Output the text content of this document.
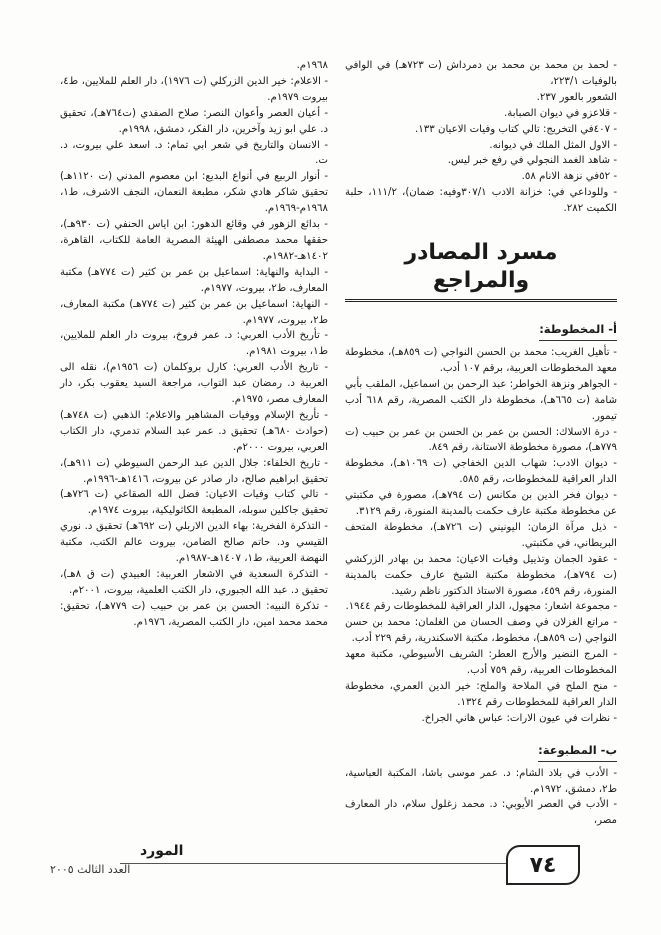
- لحمد بن محمد بن محمد بن دمرداش (ت ٧٢٣هـ) في الوافي بالوفيات ٢٢٣/١،

الشعور بالعور ٢٣٧.

- قلاعزو في ديوان الصبابة.

- ٤٠٧في التخريج: تالي كتاب وفيات الاعيان ١٣٣.

- الاول المثل الملك في ديوانه.

- شاهد الغمد النجولي في رفع خبر ليس.

- ٥٢في نزهة الانام ٥٨.

- وللوداعي في: خزانة الادب ٣٠٧/١وفيه: ضمان)، ١١١/٢، حلبة الكميت ٢٨٢.

مسرد المصادر والمراجع
أ- المخطوطة:

- تأهيل الغريب: محمد بن الحسن النواجي (ت ٨٥٩هـ)، مخطوطة معهد المخطوطات العربية، برقم ١٠٧ أدب.

- الجواهر ونزهة الخواطر: عبد الرحمن بن اسماعيل، الملقب بأبي شامة (ت ٦٦٥هـ)، مخطوطة دار الكتب المصرية، رقم ٦١٨ أدب تيمور.

- درة الاسلاك: الحسن بن عمر بن الحسن بن عمر بن حبيب (ت ٧٧٩هـ)، مصورة مخطوطة الاستانة، رقم ٨٤٩.

- ديوان الادب: شهاب الدين الخفاجي (ت ١٠٦٩هـ)، مخطوطة الدار العراقية للمخطوطات، رقم ٥٨٥.

- ديوان فخر الدين بن مكانس (ت ٧٩٤هـ)، مصورة في مكتبتي عن مخطوطة مكتبة عارف حكمت بالمدينة المنورة، رقم ٣١٢٩.

- ذيل مرآة الزمان: اليونيني (ت ٧٢٦هـ)، مخطوطة المتحف البريطاني، في مكتبتي.

- عقود الجمان وتذييل وفيات الاعيان: محمد بن بهادر الزركشي (ت ٧٩٤هـ)، مخطوطة مكتبة الشيخ عارف حكمت بالمدينة المنورة، رقم ٤٥٩، مصورة الاستاذ الدكتور ناظم رشيد.

- مجموعة اشعار: مجهول، الدار العراقية للمخطوطات رقم ١٩٤٤.

- مراتع الغزلان في وصف الحسان من الغلمان: محمد بن حسن النواجي (ت ٨٥٩هـ)، مخطوط، مكتبة الاسكندرية، رقم ٢٢٩ أدب.

- المرج النضير والأرج العطر: الشريف الأسيوطي، مكتبة معهد المخطوطات العربية، رقم ٧٥٩ أدب.

- منح الملح في الملاحة والملح: خير الدين العمري، مخطوطة الدار العراقية للمخطوطات رقم ١٣٢٤.

- نظرات في عيون الارات: عباس هاني الجراخ.

ب- المطبوعة:

- الأدب في بلاد الشام: د. عمر موسى باشا، المكتبة العباسية، ط٢، دمشق، ١٩٧٢م.

- الأدب في العصر الأيوبي: د. محمد زغلول سلام، دار المعارف مصر،

١٩٦٨م.

- الاعلام: خير الدين الزركلي (ت ١٩٧٦)، دار العلم للملايين، ط٤، بيروت ١٩٧٩م.

- أعيان العصر وأعوان النصر: صلاح الصفدي (ت٧٦٤هـ)، تحقيق د. علي ابو زيد وآخرين، دار الفكر، دمشق، ١٩٩٨م.

- الانسان والتاريخ في شعر ابي تمام: د. اسعد علي بيروت، د. ت.

- أنوار الربيع في أنواع البديع: ابن معصوم المدني (ت ١١٢٠هـ) تحقيق شاكر هادي شكر، مطبعة النعمان، النجف الاشرف، ط١، ١٩٦٨م-١٩٦٩م.

- بدائع الزهور في وقائع الدهور: ابن اياس الحنفي (ت ٩٣٠هـ)، حققها محمد مصطفى الهيئة المصرية العامة للكتاب، القاهرة، ١٤٠٢هـ-١٩٨٢م.

- البداية والنهاية: اسماعيل بن عمر بن كثير (ت ٧٧٤هـ) مكتبة المعارف، ط٢، بيروت، ١٩٧٧م.

- النهاية: اسماعيل بن عمر بن كثير (ت ٧٧٤هـ) مكتبة المعارف، ط٢، بيروت، ١٩٧٧م.

- تأريخ الأدب العربي: د. عمر فروخ، بيروت دار العلم للملايين، ط١، بيروت ١٩٨١م.

- تاريخ الأدب العربي: كارل بروكلمان (ت ١٩٥٦م)، نقله الى العربية د. رمضان عبد التواب، مراجعة السيد يعقوب بكر، دار المعارف مصر، ١٩٧٥م.

- تأريخ الإسلام ووفيات المشاهير والاعلام: الذهبي (ت ٧٤٨هـ) (حوادث ٦٨٠هـ) تحقيق د. عمر عبد السلام تدمري، دار الكتاب العربي، بيروت ٢٠٠٠م.

- تاريخ الخلفاء: جلال الدين عبد الرحمن السيوطي (ت ٩١١هـ)، تحقيق ابراهيم صالح، دار صادر عن بيروت، ١٤١٦هـ-١٩٩٦م.

- تالي كتاب وفيات الاعيان: فضل الله الصقاعي (ت ٧٢٦هـ) تحقيق جاكلين سوبله، المطبعة الكاثوليكية، بيروت ١٩٧٤م.

- التذكرة الفخرية: بهاء الدين الاربلي (ت ٦٩٢هـ) تحقيق د. نوري القيسي ود. حاتم صالح الضامن، بيروت عالم الكتب، مكتبة النهضة العربية، ط١، ١٤٠٧هـ-١٩٨٧م.

- التذكرة السعدية في الاشعار العربية: العبيدي (ت ق ٨هـ)، تحقيق د. عبد الله الجبوري، دار الكتب العلمية، بيروت، ٢٠٠١م.

- تذكرة النبيه: الحسن بن عمر بن حبيب (ت ٧٧٩هـ)، تحقيق: محمد محمد امين، دار الكتب المصرية، ١٩٧٦م.

المورد
العدد الثالث ٢٠٠٥	٧٤
